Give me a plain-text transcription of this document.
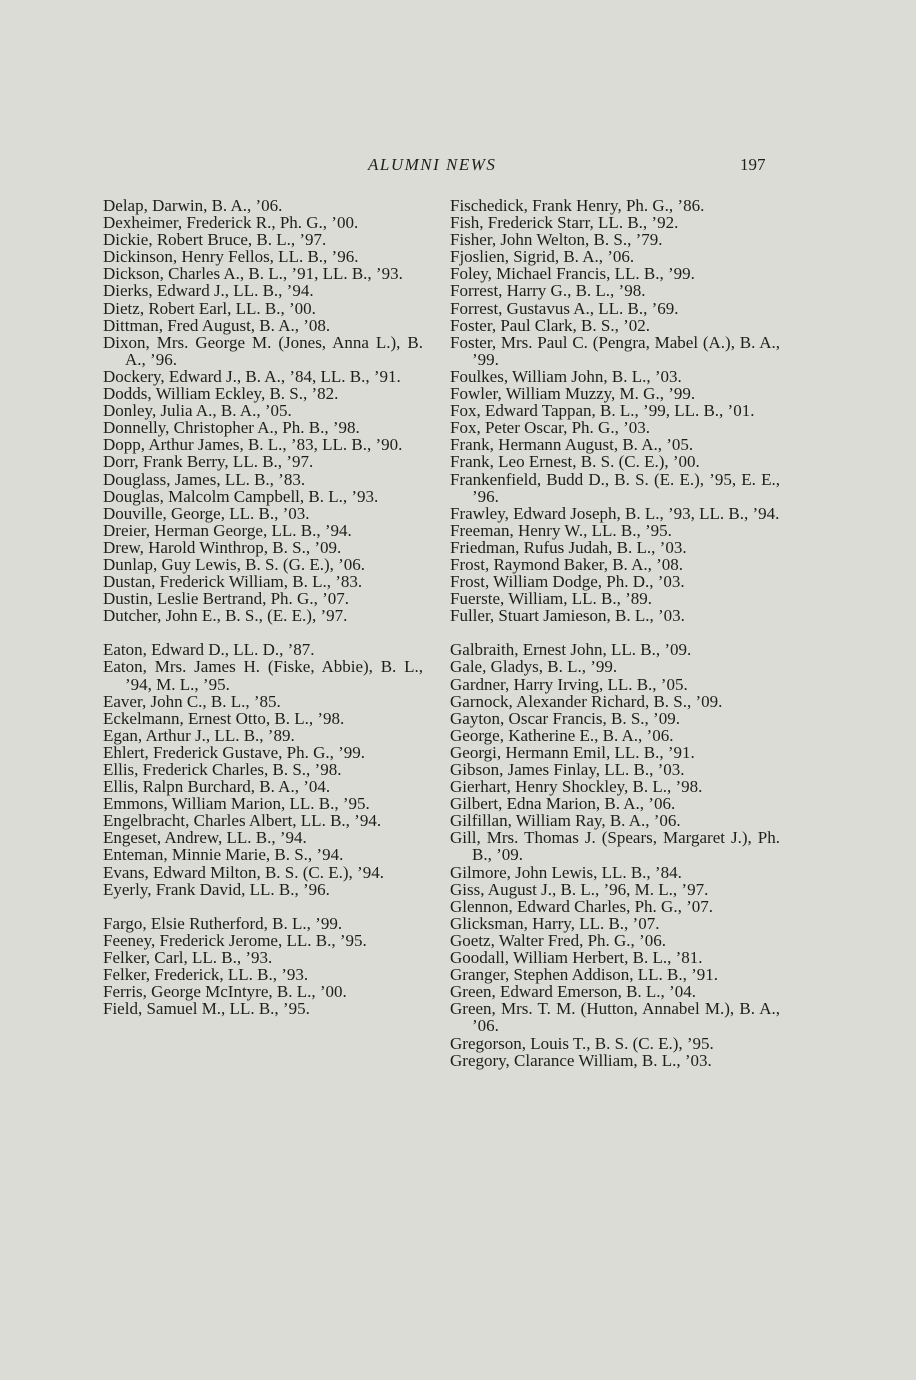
ALUMNI NEWS	197
Delap, Darwin, B. A., ’06.
Dexheimer, Frederick R., Ph. G., ’00.
Dickie, Robert Bruce, B. L., ’97.
Dickinson, Henry Fellos, LL. B., ’96.
Dickson, Charles A., B. L., ’91, LL. B., ’93.
Dierks, Edward J., LL. B., ’94.
Dietz, Robert Earl, LL. B., ’00.
Dittman, Fred August, B. A., ’08.
Dixon, Mrs. George M. (Jones, Anna L.), B. A., ’96.
Dockery, Edward J., B. A., ’84, LL. B., ’91.
Dodds, William Eckley, B. S., ’82.
Donley, Julia A., B. A., ’05.
Donnelly, Christopher A., Ph. B., ’98.
Dopp, Arthur James, B. L., ’83, LL. B., ’90.
Dorr, Frank Berry, LL. B., ’97.
Douglass, James, LL. B., ’83.
Douglas, Malcolm Campbell, B. L., ’93.
Douville, George, LL. B., ’03.
Dreier, Herman George, LL. B., ’94.
Drew, Harold Winthrop, B. S., ’09.
Dunlap, Guy Lewis, B. S. (G. E.), ’06.
Dustan, Frederick William, B. L., ’83.
Dustin, Leslie Bertrand, Ph. G., ’07.
Dutcher, John E., B. S., (E. E.), ’97.
Eaton, Edward D., LL. D., ’87.
Eaton, Mrs. James H. (Fiske, Abbie), B. L., ’94, M. L., ’95.
Eaver, John C., B. L., ’85.
Eckelmann, Ernest Otto, B. L., ’98.
Egan, Arthur J., LL. B., ’89.
Ehlert, Frederick Gustave, Ph. G., ’99.
Ellis, Frederick Charles, B. S., ’98.
Ellis, Ralpn Burchard, B. A., ’04.
Emmons, William Marion, LL. B., ’95.
Engelbracht, Charles Albert, LL. B., ’94.
Engeset, Andrew, LL. B., ’94.
Enteman, Minnie Marie, B. S., ’94.
Evans, Edward Milton, B. S. (C. E.), ’94.
Eyerly, Frank David, LL. B., ’96.
Fargo, Elsie Rutherford, B. L., ’99.
Feeney, Frederick Jerome, LL. B., ’95.
Felker, Carl, LL. B., ’93.
Felker, Frederick, LL. B., ’93.
Ferris, George McIntyre, B. L., ’00.
Field, Samuel M., LL. B., ’95.
Fischedick, Frank Henry, Ph. G., ’86.
Fish, Frederick Starr, LL. B., ’92.
Fisher, John Welton, B. S., ’79.
Fjoslien, Sigrid, B. A., ’06.
Foley, Michael Francis, LL. B., ’99.
Forrest, Harry G., B. L., ’98.
Forrest, Gustavus A., LL. B., ’69.
Foster, Paul Clark, B. S., ’02.
Foster, Mrs. Paul C. (Pengra, Mabel (A.), B. A., ’99.
Foulkes, William John, B. L., ’03.
Fowler, William Muzzy, M. G., ’99.
Fox, Edward Tappan, B. L., ’99, LL. B., ’01.
Fox, Peter Oscar, Ph. G., ’03.
Frank, Hermann August, B. A., ’05.
Frank, Leo Ernest, B. S. (C. E.), ’00.
Frankenfield, Budd D., B. S. (E. E.), ’95, E. E., ’96.
Frawley, Edward Joseph, B. L., ’93, LL. B., ’94.
Freeman, Henry W., LL. B., ’95.
Friedman, Rufus Judah, B. L., ’03.
Frost, Raymond Baker, B. A., ’08.
Frost, William Dodge, Ph. D., ’03.
Fuerste, William, LL. B., ’89.
Fuller, Stuart Jamieson, B. L., ’03.
Galbraith, Ernest John, LL. B., ’09.
Gale, Gladys, B. L., ’99.
Gardner, Harry Irving, LL. B., ’05.
Garnock, Alexander Richard, B. S., ’09.
Gayton, Oscar Francis, B. S., ’09.
George, Katherine E., B. A., ’06.
Georgi, Hermann Emil, LL. B., ’91.
Gibson, James Finlay, LL. B., ’03.
Gierhart, Henry Shockley, B. L., ’98.
Gilbert, Edna Marion, B. A., ’06.
Gilfillan, William Ray, B. A., ’06.
Gill, Mrs. Thomas J. (Spears, Margaret J.), Ph. B., ’09.
Gilmore, John Lewis, LL. B., ’84.
Giss, August J., B. L., ’96, M. L., ’97.
Glennon, Edward Charles, Ph. G., ’07.
Glicksman, Harry, LL. B., ’07.
Goetz, Walter Fred, Ph. G., ’06.
Goodall, William Herbert, B. L., ’81.
Granger, Stephen Addison, LL. B., ’91.
Green, Edward Emerson, B. L., ’04.
Green, Mrs. T. M. (Hutton, Annabel M.), B. A., ’06.
Gregorson, Louis T., B. S. (C. E.), ’95.
Gregory, Clarance William, B. L., ’03.
